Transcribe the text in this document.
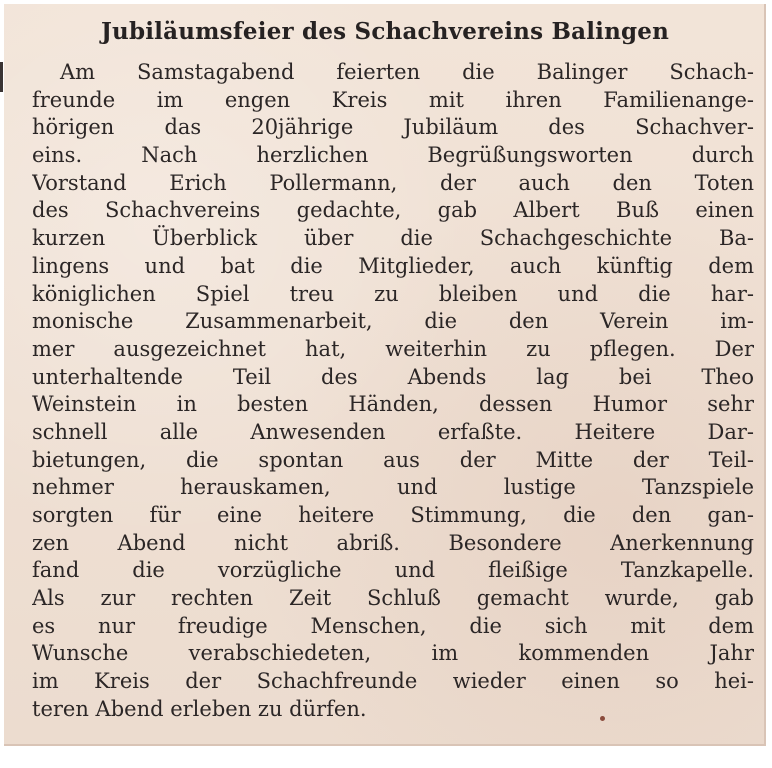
Jubiläumsfeier des Schachvereins Balingen
Am Samstagabend feierten die Balinger Schach-
freunde im engen Kreis mit ihren Familienange-
hörigen das 20jährige Jubiläum des Schachver-
eins. Nach herzlichen Begrüßungsworten durch
Vorstand Erich Pollermann, der auch den Toten
des Schachvereins gedachte, gab Albert Buß einen
kurzen Überblick über die Schachgeschichte Ba-
lingens und bat die Mitglieder, auch künftig dem
königlichen Spiel treu zu bleiben und die har-
monische Zusammenarbeit, die den Verein im-
mer ausgezeichnet hat, weiterhin zu pflegen. Der
unterhaltende Teil des Abends lag bei Theo
Weinstein in besten Händen, dessen Humor sehr
schnell alle Anwesenden erfaßte. Heitere Dar-
bietungen, die spontan aus der Mitte der Teil-
nehmer herauskamen, und lustige Tanzspiele
sorgten für eine heitere Stimmung, die den gan-
zen Abend nicht abriß. Besondere Anerkennung
fand die vorzügliche und fleißige Tanzkapelle.
Als zur rechten Zeit Schluß gemacht wurde, gab
es nur freudige Menschen, die sich mit dem
Wunsche verabschiedeten, im kommenden Jahr
im Kreis der Schachfreunde wieder einen so hei-
teren Abend erleben zu dürfen.
